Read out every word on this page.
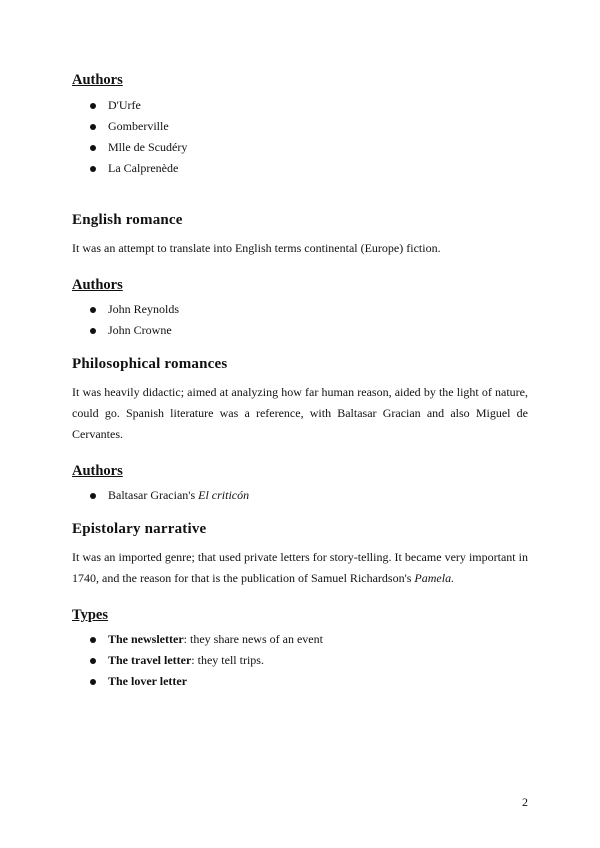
Authors
D'Urfe
Gomberville
Mlle de Scudéry
La Calprenède
English romance

It was an attempt to translate into English terms continental (Europe) fiction.

Authors
John Reynolds
John Crowne
Philosophical romances

It was heavily didactic; aimed at analyzing how far human reason, aided by the light of nature, could go. Spanish literature was a reference, with Baltasar Gracian and also Miguel de Cervantes.

Authors
Baltasar Gracian's El criticón
Epistolary narrative

It was an imported genre; that used private letters for story-telling. It became very important in 1740, and the reason for that is the publication of Samuel Richardson's Pamela.

Types
The newsletter: they share news of an event
The travel letter: they tell trips.
The lover letter
2
